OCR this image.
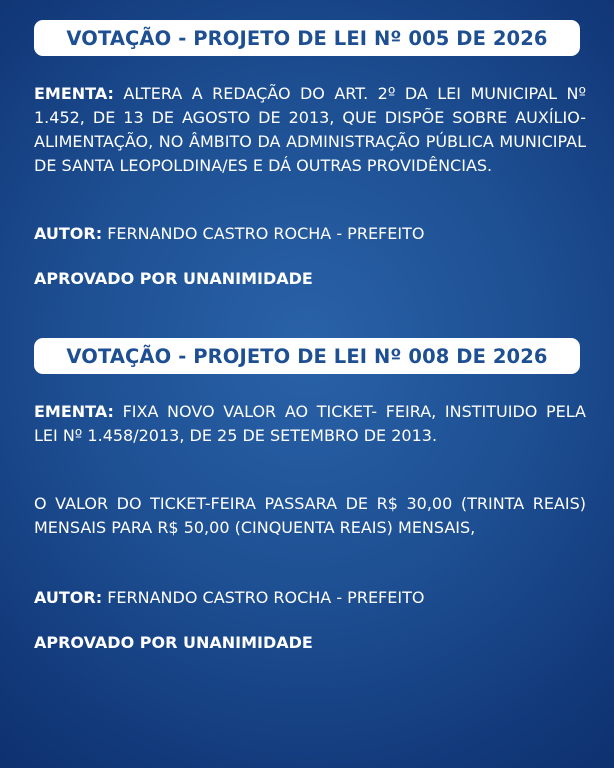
VOTAÇÃO - PROJETO DE LEI Nº 005 DE 2026

EMENTA: ALTERA A REDAÇÃO DO ART. 2º DA LEI MUNICIPAL Nº 1.452, DE 13 DE AGOSTO DE 2013, QUE DISPÕE SOBRE AUXÍLIO-ALIMENTAÇÃO, NO ÂMBITO DA ADMINISTRAÇÃO PÚBLICA MUNICIPAL DE SANTA LEOPOLDINA/ES E DÁ OUTRAS PROVIDÊNCIAS.

AUTOR: FERNANDO CASTRO ROCHA - PREFEITO
APROVADO POR UNANIMIDADE
VOTAÇÃO - PROJETO DE LEI Nº 008 DE 2026

EMENTA: FIXA NOVO VALOR AO TICKET- FEIRA, INSTITUIDO PELA LEI Nº 1.458/2013, DE 25 DE SETEMBRO DE 2013.

O VALOR DO TICKET-FEIRA PASSARA DE R$ 30,00 (TRINTA REAIS) MENSAIS PARA R$ 50,00 (CINQUENTA REAIS) MENSAIS,

AUTOR: FERNANDO CASTRO ROCHA - PREFEITO
APROVADO POR UNANIMIDADE
